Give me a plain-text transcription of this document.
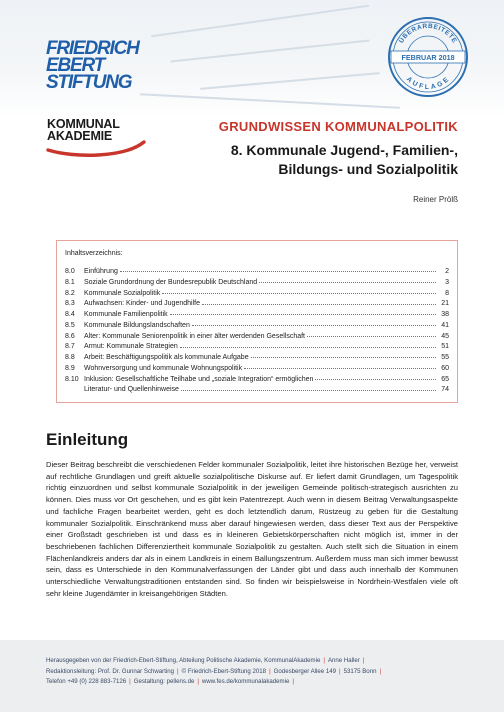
FRIEDRICH
EBERT
STIFTUNG
ÜBERARBEITETE
FEBRUAR 2018
AUFLAGE
KOMMUNAL
AKADEMIE
GRUNDWISSEN KOMMUNALPOLITIK
8. Kommunale Jugend-, Familien-,
Bildungs- und Sozialpolitik
Reiner Prölß
Inhaltsverzeichnis:
8.0	Einführung	2
8.1	Soziale Grundordnung der Bundesrepublik Deutschland	3
8.2	Kommunale Sozialpolitik	8
8.3	Aufwachsen: Kinder- und Jugendhilfe	21
8.4	Kommunale Familienpolitik	38
8.5	Kommunale Bildungslandschaften	41
8.6	Alter: Kommunale Seniorenpolitik in einer älter werdenden Gesellschaft	45
8.7	Armut: Kommunale Strategien	51
8.8	Arbeit: Beschäftigungspolitik als kommunale Aufgabe	55
8.9	Wohnversorgung und kommunale Wohnungspolitik	60
8.10 Inklusion: Gesellschaftliche Teilhabe und „soziale Integration“ ermöglichen	65
Literatur- und Quellenhinweise	74
Einleitung
Dieser Beitrag beschreibt die verschiedenen Felder kommunaler Sozialpolitik, leitet ihre historischen Bezüge her, verweist auf rechtliche Grundlagen und greift aktuelle sozialpolitische Diskurse auf. Er liefert damit Grundlagen, um Tagespolitik richtig einzuordnen und selbst kommunale Sozialpolitik in der jeweiligen Gemeinde politisch-strategisch ausrichten zu können. Dies muss vor Ort geschehen, und es gibt kein Patentrezept. Auch wenn in diesem Beitrag Verwaltungsaspekte und fachliche Fragen bearbeitet werden, geht es doch letztendlich darum, Rüstzeug zu geben für die Gestaltung kommunaler Sozialpolitik. Einschränkend muss aber darauf hingewiesen werden, dass dieser Text aus der Perspektive einer Großstadt geschrieben ist und dass es in kleineren Gebietskörperschaften nicht möglich ist, immer in der beschriebenen fachlichen Differenziertheit kommunale Sozialpolitik zu gestalten. Auch stellt sich die Situation in einem Flächenlandkreis anders dar als in einem Landkreis in einem Ballungszentrum. Außerdem muss man sich immer bewusst sein, dass es Unterschiede in den Kommunalverfassungen der Länder gibt und dass auch innerhalb der Kommunen unterschiedliche Verwaltungstraditionen entstanden sind. So finden wir beispielsweise in Nordrhein-Westfalen viele oft sehr kleine Jugendämter in kreisangehörigen Städten.
Herausgegeben von der Friedrich-Ebert-Stiftung, Abteilung Politische Akademie, KommunalAkademie | Anne Haller |
Redaktionsleitung: Prof. Dr. Gunnar Schwarting | © Friedrich-Ebert-Stiftung 2018 | Godesberger Allee 149 | 53175 Bonn |
Telefon +49 (0) 228 883-7126 | Gestaltung: pellens.de | www.fes.de/kommunalakademie |
